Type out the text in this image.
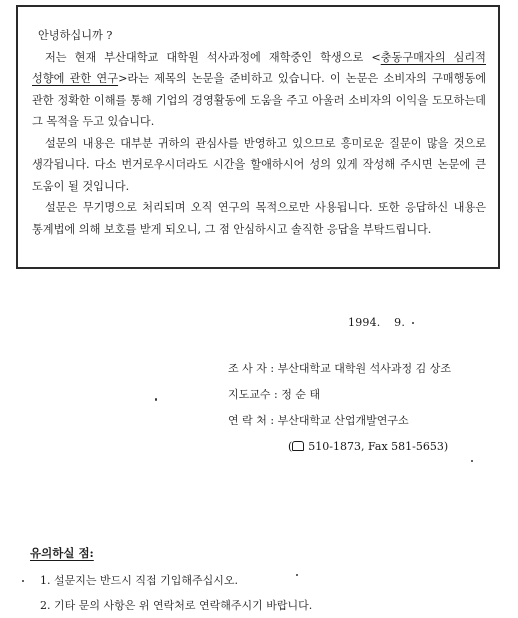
안녕하십니까 ?

저는 현재 부산대학교 대학원 석사과정에 재학중인 학생으로 <충동구매자의 심리적 성향에 관한 연구>라는 제목의 논문을 준비하고 있습니다. 이 논문은 소비자의 구매행동에 관한 정확한 이해를 통해 기업의 경영활동에 도움을 주고 아울러 소비자의 이익을 도모하는데 그 목적을 두고 있습니다.

설문의 내용은 대부분 귀하의 관심사를 반영하고 있으므로 흥미로운 질문이 많을 것으로 생각됩니다. 다소 번거로우시더라도 시간을 할애하시어 성의 있게 작성해 주시면 논문에 큰 도움이 될 것입니다.

설문은 무기명으로 처리되며 오직 연구의 목적으로만 사용됩니다. 또한 응답하신 내용은 통계법에 의해 보호를 받게 되오니, 그 점 안심하시고 솔직한 응답을 부탁드립니다.

1994. 9.
조 사 자 : 부산대학교 대학원 석사과정 김 상조
지도교수 : 정 순 태
연 락 처 : 부산대학교 산업개발연구소
( 510-1873, Fax 581-5653)
유의하실 점:
1. 설문지는 반드시 직접 기입해주십시오.
2. 기타 문의 사항은 위 연락처로 연락해주시기 바랍니다.
